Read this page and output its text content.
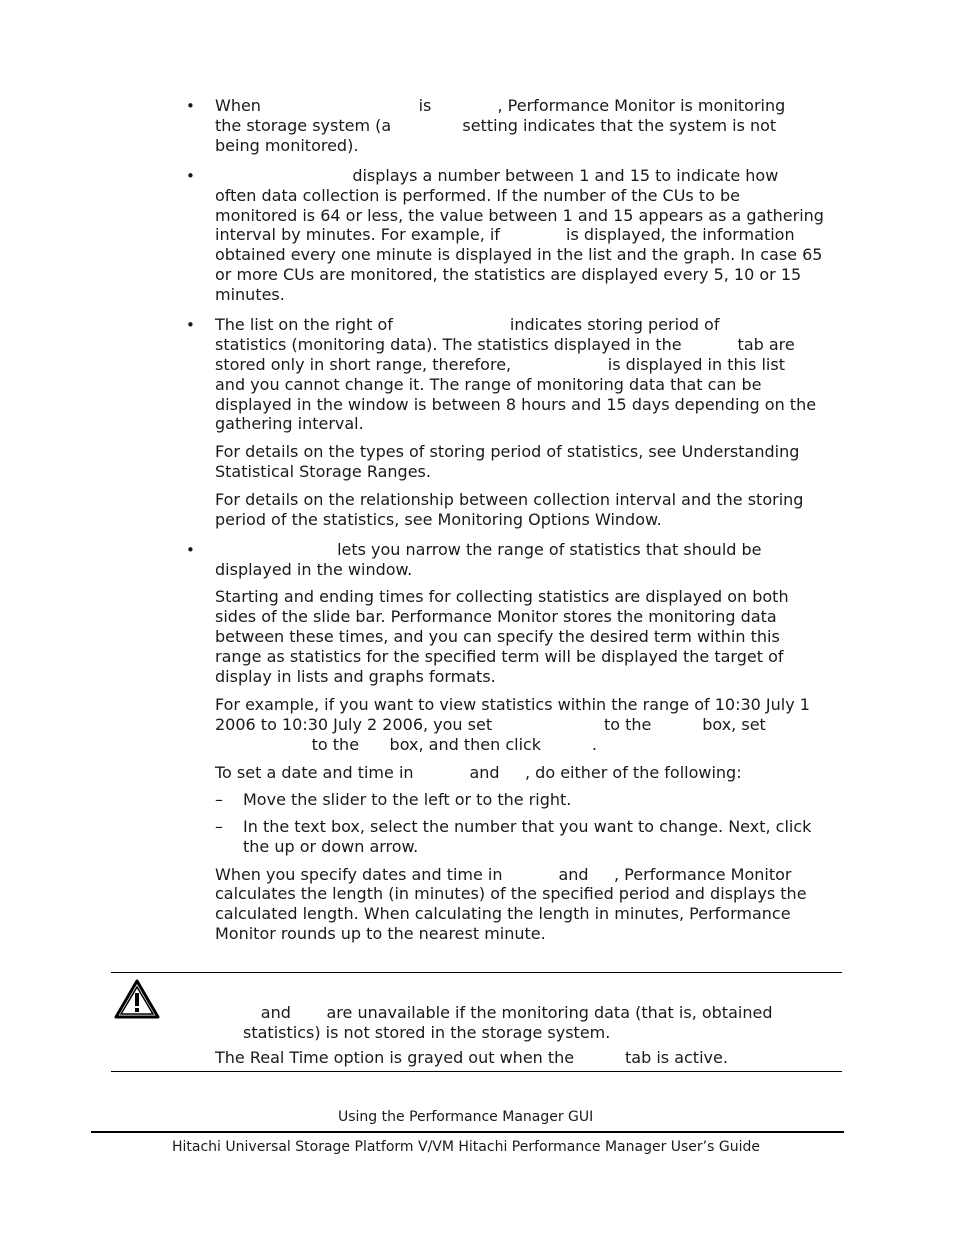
• When                               is             , Performance Monitor is monitoring
the storage system (a              setting indicates that the system is not
being monitored).
• displays a number between 1 and 15 to indicate how
often data collection is performed. If the number of the CUs to be
monitored is 64 or less, the value between 1 and 15 appears as a gathering
interval by minutes. For example, if             is displayed, the information
obtained every one minute is displayed in the list and the graph. In case 65
or more CUs are monitored, the statistics are displayed every 5, 10 or 15
minutes.
• The list on the right of                       indicates storing period of
statistics (monitoring data). The statistics displayed in the           tab are
stored only in short range, therefore,                   is displayed in this list
and you cannot change it. The range of monitoring data that can be
displayed in the window is between 8 hours and 15 days depending on the
gathering interval.
For details on the types of storing period of statistics, see Understanding
Statistical Storage Ranges.
For details on the relationship between collection interval and the storing
period of the statistics, see Monitoring Options Window.
• lets you narrow the range of statistics that should be
displayed in the window.
Starting and ending times for collecting statistics are displayed on both
sides of the slide bar. Performance Monitor stores the monitoring data
between these times, and you can specify the desired term within this
range as statistics for the specified term will be displayed the target of
display in lists and graphs formats.
For example, if you want to view statistics within the range of 10:30 July 1
2006 to 10:30 July 2 2006, you set                      to the          box, set
to the      box, and then click          .
To set a date and time in           and     , do either of the following:
– Move the slider to the left or to the right.
– In the text box, select the number that you want to change. Next, click
the up or down arrow.
When you specify dates and time in           and     , Performance Monitor
calculates the length (in minutes) of the specified period and displays the
calculated length. When calculating the length in minutes, Performance
Monitor rounds up to the nearest minute.
and       are unavailable if the monitoring data (that is, obtained
statistics) is not stored in the storage system.
The Real Time option is grayed out when the          tab is active.
Using the Performance Manager GUI
Hitachi Universal Storage Platform V/VM Hitachi Performance Manager User’s Guide
